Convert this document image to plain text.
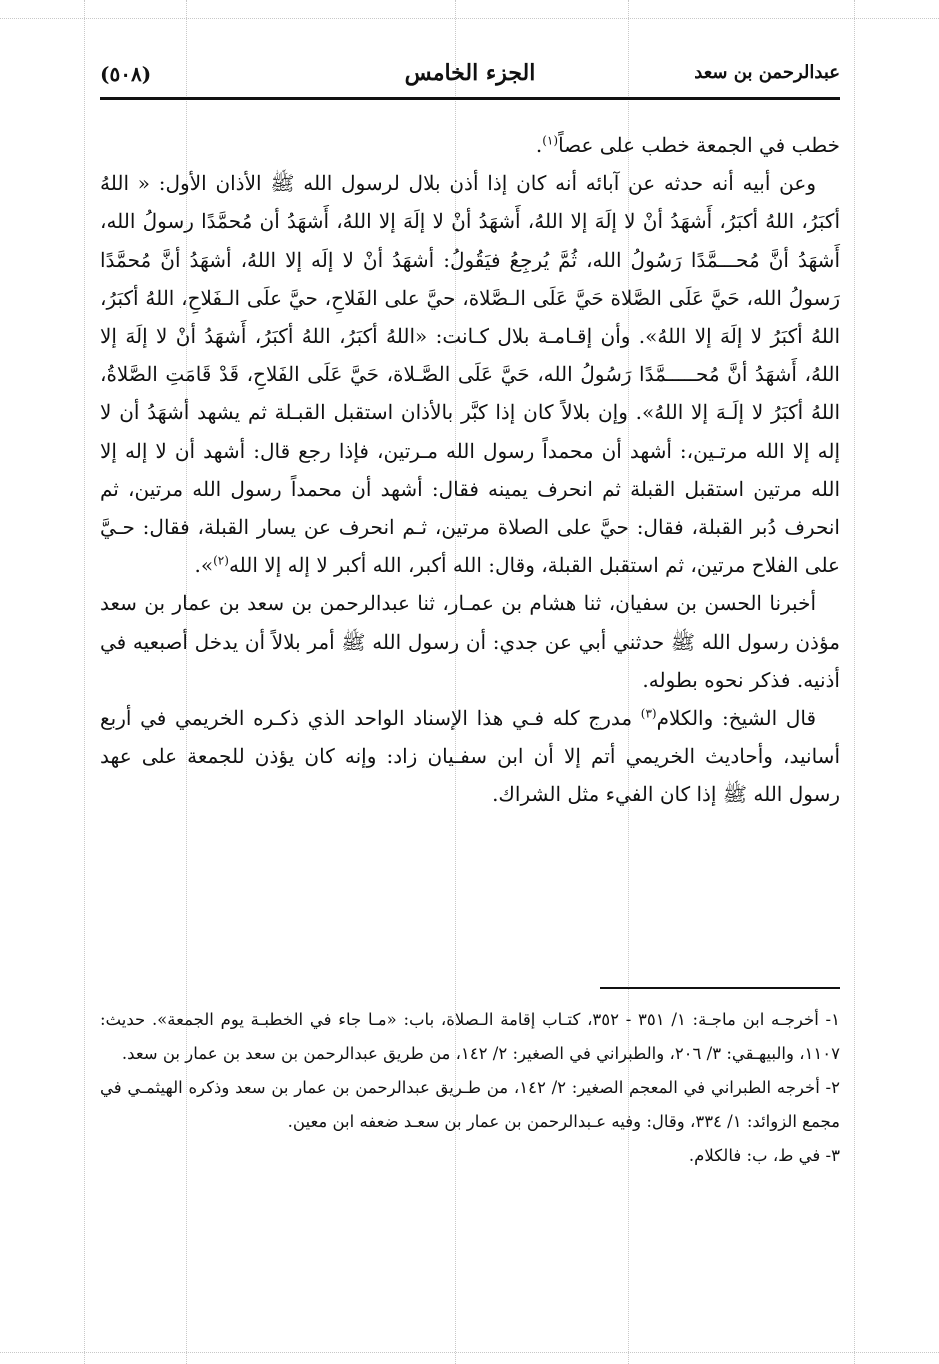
(٥٠٨)	الجزء الخامس	عبدالرحمن بن سعد

خطب في الجمعة خطب على عصاً$^{(١)}$.

وعن أبيه أنه حدثه عن آبائه أنه كان إذا أذن بلال لرسول الله ﷺ الأذان الأول: « اللهُ أكبَرُ، اللهُ أكبَرُ، أَشهَدُ أنْ لا إلَهَ إلا اللهُ، أَشهَدُ أنْ لا إلَهَ إلا اللهُ، أَشهَدُ أن مُحمَّدًا رسولُ الله، أَشهَدُ أنَّ مُحـــمَّدًا رَسُولُ الله، ثُمَّ يُرجِعُ فيَقُولُ: أشهَدُ أنْ لا إلَه إلا اللهُ، أشهَدُ أنَّ مُحمَّدًا رَسولُ الله، حَيَّ عَلَى الصَّلاة حَيَّ عَلَى الـصَّلاة، حيَّ على الفَلاحِ، حيَّ علَى الـفَلاحِ، اللهُ أكبَرُ، اللهُ أكبَرُ لا إلَهَ إلا اللهُ». وأن إقـامـة بلال كـانت: «اللهُ أكبَرُ، اللهُ أكبَرُ، أَشهَدُ أنْ لا إلَهَ إلا اللهُ، أَشهَدُ أنَّ مُحـــــمَّدًا رَسُولُ الله، حَيَّ عَلَى الصَّـلاة، حَيَّ عَلَى الفَلاحِ، قَدْ قَامَتِ الصَّلاةُ، اللهُ أكبَرُ لا إلَـهَ إلا اللهُ». وإن بلالاً كان إذا كبَّر بالأذان استقبل القبـلة ثم يشهد أشهَدُ أن لا إله إلا الله مرتـين،: أشهد أن محمداً رسول الله مـرتين، فإذا رجع قال: أشهد أن لا إله إلا الله مرتين استقبل القبلة ثم انحرف يمينه فقال: أشهد أن محمداً رسول الله مرتين، ثم انحرف دُبر القبلة، فقال: حيَّ على الصلاة مرتين، ثـم انحرف عن يسار القبلة، فقال: حـيَّ على الفلاح مرتين، ثم استقبل القبلة، وقال: الله أكبر، الله أكبر لا إله إلا الله$^{(٢)}$».

أخبرنا الحسن بن سفيان، ثنا هشام بن عمـار، ثنا عبدالرحمن بن سعد بن عمار بن سعد مؤذن رسول الله ﷺ حدثني أبي عن جدي: أن رسول الله ﷺ أمر بلالاً أن يدخل أصبعيه في أذنيه. فذكر نحوه بطوله.

قال الشيخ: والكلام$^{(٣)}$ مدرج كله فـي هذا الإسناد الواحد الذي ذكـره الخريمي في أربع أسانيد، وأحاديث الخريمي أتم إلا أن ابن سفـيان زاد: وإنه كان يؤذن للجمعة على عهد رسول الله ﷺ إذا كان الفيء مثل الشراك.

١- أخرجـه ابن ماجـة: ١/ ٣٥١ - ٣٥٢، كتـاب إقامة الـصلاة، باب: «مـا جاء في الخطبـة يوم الجمعة». حديث: ١١٠٧، والبيهـقي: ٣/ ٢٠٦، والطبراني في الصغير: ٢/ ١٤٢، من طريق عبدالرحمن بن سعد بن عمار بن سعد.

٢- أخرجه الطبراني في المعجم الصغير: ٢/ ١٤٢، من طـريق عبدالرحمن بن عمار بن سعد وذكره الهيثمـي في مجمع الزوائد: ١/ ٣٣٤، وقال: وفيه عـبدالرحمن بن عمار بن سعـد ضعفه ابن معين.

٣- في ط، ب: فالكلام.
